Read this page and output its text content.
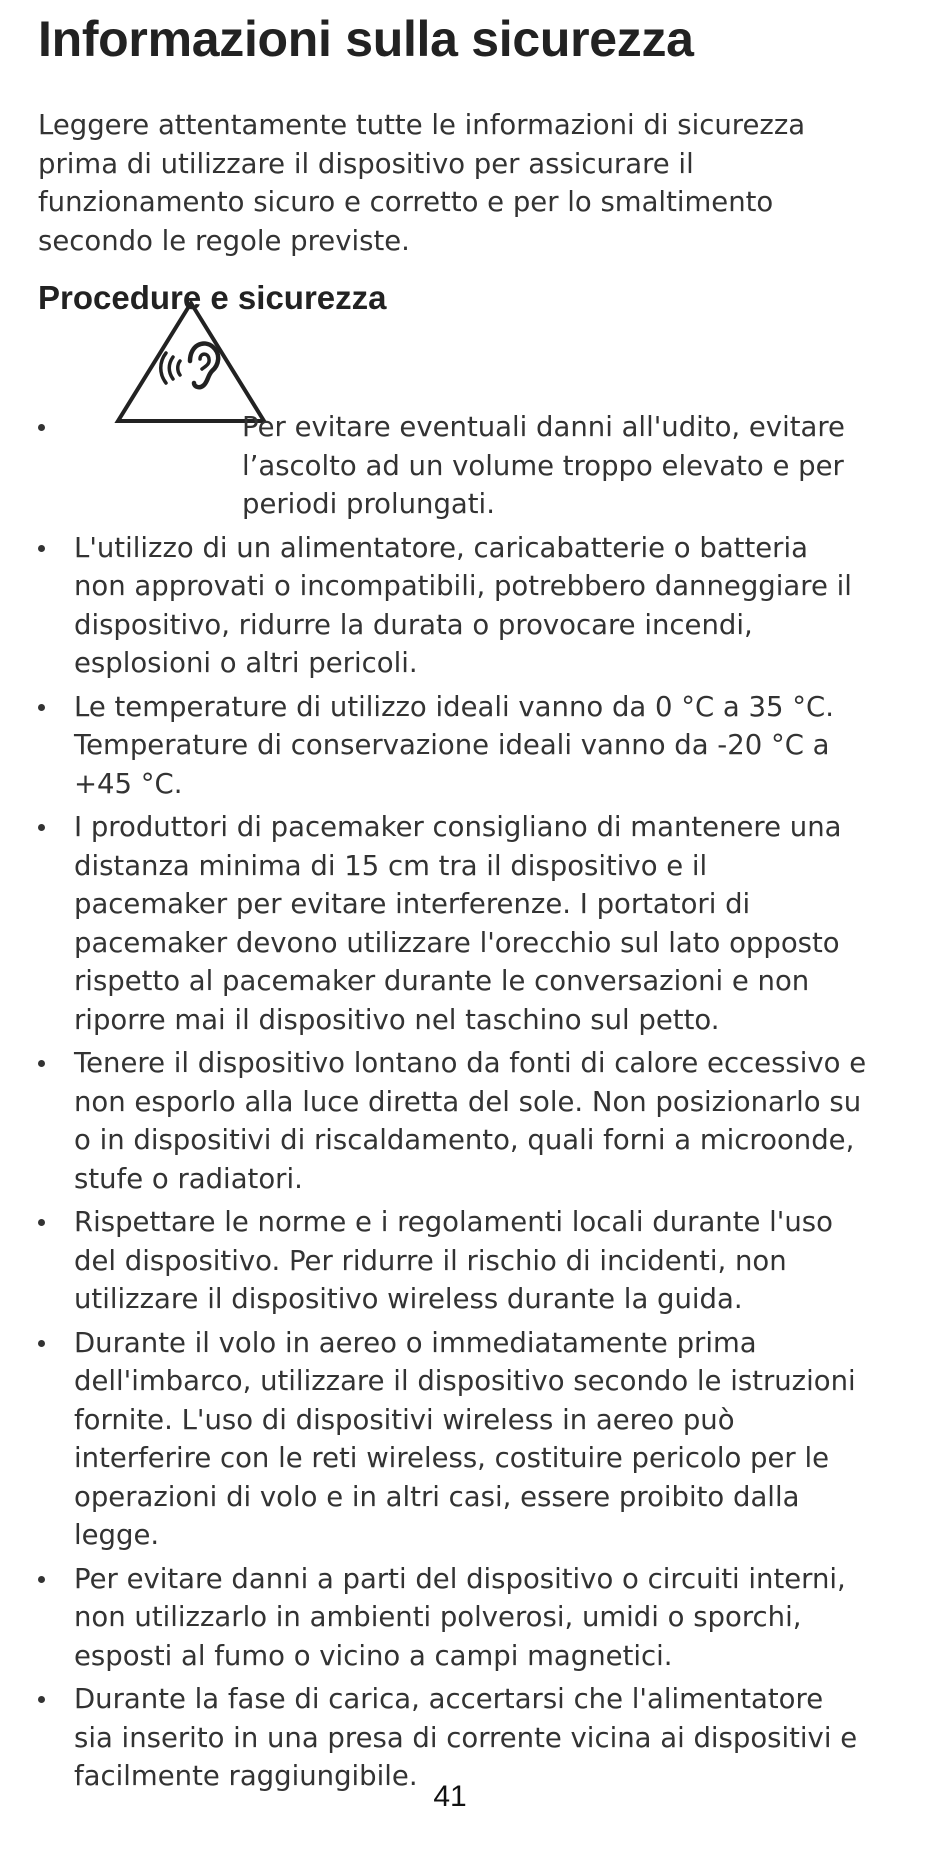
Informazioni sulla sicurezza

Leggere attentamente tutte le informazioni di sicurezza prima di utilizzare il dispositivo per assicurare il funzionamento sicuro e corretto e per lo smaltimento secondo le regole previste.

Procedure e sicurezza
Per evitare eventuali danni all'udito, evitare l’ascolto ad un volume troppo elevato e per periodi prolungati.
L'utilizzo di un alimentatore, caricabatterie o batteria non approvati o incompatibili, potrebbero danneggiare il dispositivo, ridurre la durata o provocare incendi, esplosioni o altri pericoli.
Le temperature di utilizzo ideali vanno da 0 °C a 35 °C. Temperature di conservazione ideali vanno da -20 °C a +45 °C.
I produttori di pacemaker consigliano di mantenere una distanza minima di 15 cm tra il dispositivo e il pacemaker per evitare interferenze. I portatori di pacemaker devono utilizzare l'orecchio sul lato opposto rispetto al pacemaker durante le conversazioni e non riporre mai il dispositivo nel taschino sul petto.
Tenere il dispositivo lontano da fonti di calore eccessivo e non esporlo alla luce diretta del sole. Non posizionarlo su o in dispositivi di riscaldamento, quali forni a microonde, stufe o radiatori.
Rispettare le norme e i regolamenti locali durante l'uso del dispositivo. Per ridurre il rischio di incidenti, non utilizzare il dispositivo wireless durante la guida.
Durante il volo in aereo o immediatamente prima dell'imbarco, utilizzare il dispositivo secondo le istruzioni fornite. L'uso di dispositivi wireless in aereo può interferire con le reti wireless, costituire pericolo per le operazioni di volo e in altri casi, essere proibito dalla legge.
Per evitare danni a parti del dispositivo o circuiti interni, non utilizzarlo in ambienti polverosi, umidi o sporchi, esposti al fumo o vicino a campi magnetici.
Durante la fase di carica, accertarsi che l'alimentatore sia inserito in una presa di corrente vicina ai dispositivi e facilmente raggiungibile.
41
